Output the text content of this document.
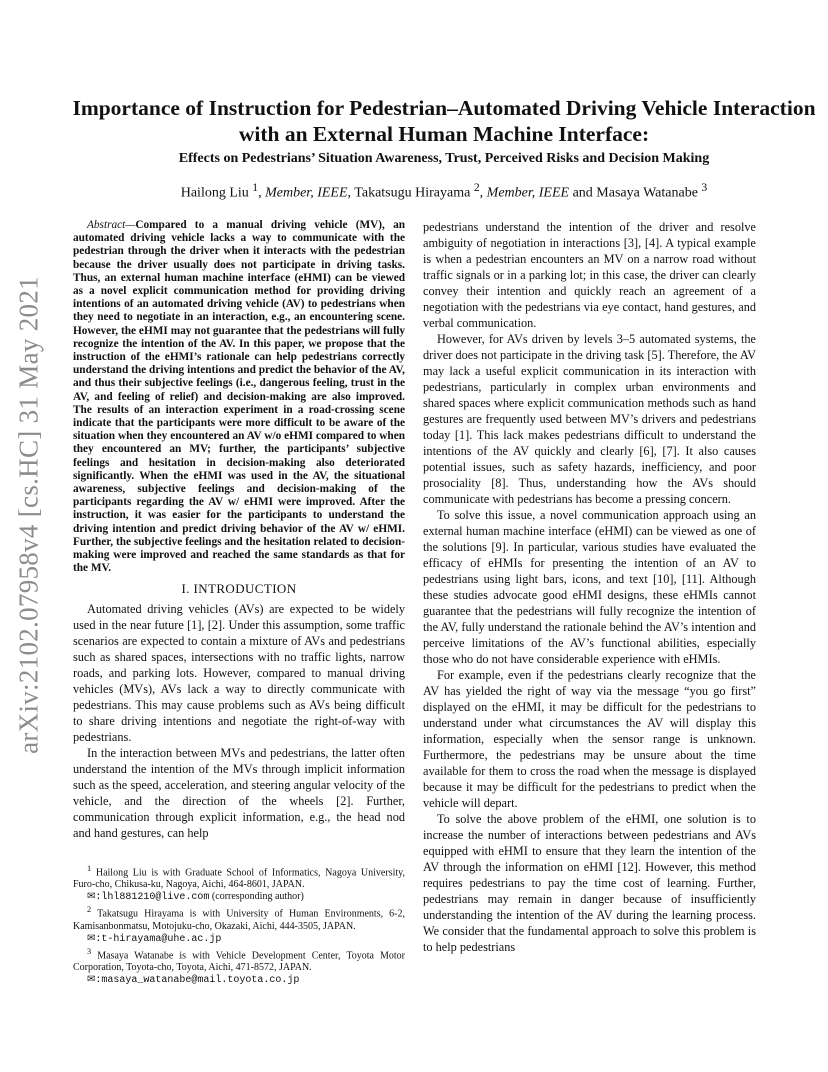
arXiv:2102.07958v4 [cs.HC] 31 May 2021
Importance of Instruction for Pedestrian–Automated Driving Vehicle Interaction with an External Human Machine Interface:
Effects on Pedestrians’ Situation Awareness, Trust, Perceived Risks and Decision Making
Hailong Liu $^1$, Member, IEEE, Takatsugu Hirayama $^2$, Member, IEEE and Masaya Watanabe $^3$

Abstract — Compared to a manual driving vehicle (MV), an automated driving vehicle lacks a way to communicate with the pedestrian through the driver when it interacts with the pedestrian because the driver usually does not participate in driving tasks. Thus, an external human machine interface (eHMI) can be viewed as a novel explicit communication method for providing driving intentions of an automated driving vehicle (AV) to pedestrians when they need to negotiate in an interaction, e.g., an encountering scene. However, the eHMI may not guarantee that the pedestrians will fully recognize the intention of the AV. In this paper, we propose that the instruction of the eHMI’s rationale can help pedestrians correctly understand the driving intentions and predict the behavior of the AV, and thus their subjective feelings (i.e., dangerous feeling, trust in the AV, and feeling of relief) and decision-making are also improved. The results of an interaction experiment in a road-crossing scene indicate that the participants were more difficult to be aware of the situation when they encountered an AV w/o eHMI compared to when they encountered an MV; further, the participants’ subjective feelings and hesitation in decision-making also deteriorated significantly. When the eHMI was used in the AV, the situational awareness, subjective feelings and decision-making of the participants regarding the AV w/ eHMI were improved. After the instruction, it was easier for the participants to understand the driving intention and predict driving behavior of the AV w/ eHMI. Further, the subjective feelings and the hesitation related to decision-making were improved and reached the same standards as that for the MV.

I. INTRODUCTION

Automated driving vehicles (AVs) are expected to be widely used in the near future [1], [2]. Under this assumption, some traffic scenarios are expected to contain a mixture of AVs and pedestrians such as shared spaces, intersections with no traffic lights, narrow roads, and parking lots. However, compared to manual driving vehicles (MVs), AVs lack a way to directly communicate with pedestrians. This may cause problems such as AVs being difficult to share driving intentions and negotiate the right-of-way with pedestrians.

In the interaction between MVs and pedestrians, the latter often understand the intention of the MVs through implicit information such as the speed, acceleration, and steering angular velocity of the vehicle, and the direction of the wheels [2]. Further, communication through explicit information, e.g., the head nod and hand gestures, can help

$^1$ Hailong Liu is with Graduate School of Informatics, Nagoya University, Furo-cho, Chikusa-ku, Nagoya, Aichi, 464-8601, JAPAN.
✉:lhl881210@live.com (corresponding author)

$^2$ Takatsugu Hirayama is with University of Human Environments, 6-2, Kamisanbonmatsu, Motojuku-cho, Okazaki, Aichi, 444-3505, JAPAN.
✉:t-hirayama@uhe.ac.jp

$^3$ Masaya Watanabe is with Vehicle Development Center, Toyota Motor Corporation, Toyota-cho, Toyota, Aichi, 471-8572, JAPAN.
✉:masaya_watanabe@mail.toyota.co.jp

pedestrians understand the intention of the driver and resolve ambiguity of negotiation in interactions [3], [4]. A typical example is when a pedestrian encounters an MV on a narrow road without traffic signals or in a parking lot; in this case, the driver can clearly convey their intention and quickly reach an agreement of a negotiation with the pedestrians via eye contact, hand gestures, and verbal communication.

However, for AVs driven by levels 3–5 automated systems, the driver does not participate in the driving task [5]. Therefore, the AV may lack a useful explicit communication in its interaction with pedestrians, particularly in complex urban environments and shared spaces where explicit communication methods such as hand gestures are frequently used between MV’s drivers and pedestrians today [1]. This lack makes pedestrians difficult to understand the intentions of the AV quickly and clearly [6], [7]. It also causes potential issues, such as safety hazards, inefficiency, and poor prosociality [8]. Thus, understanding how the AVs should communicate with pedestrians has become a pressing concern.

To solve this issue, a novel communication approach using an external human machine interface (eHMI) can be viewed as one of the solutions [9]. In particular, various studies have evaluated the efficacy of eHMIs for presenting the intention of an AV to pedestrians using light bars, icons, and text [10], [11]. Although these studies advocate good eHMI designs, these eHMIs cannot guarantee that the pedestrians will fully recognize the intention of the AV, fully understand the rationale behind the AV’s intention and perceive limitations of the AV’s functional abilities, especially those who do not have considerable experience with eHMIs.

For example, even if the pedestrians clearly recognize that the AV has yielded the right of way via the message “you go first” displayed on the eHMI, it may be difficult for the pedestrians to understand under what circumstances the AV will display this information, especially when the sensor range is unknown. Furthermore, the pedestrians may be unsure about the time available for them to cross the road when the message is displayed because it may be difficult for the pedestrians to predict when the vehicle will depart.

To solve the above problem of the eHMI, one solution is to increase the number of interactions between pedestrians and AVs equipped with eHMI to ensure that they learn the intention of the AV through the information on eHMI [12]. However, this method requires pedestrians to pay the time cost of learning. Further, pedestrians may remain in danger because of insufficiently understanding the intention of the AV during the learning process. We consider that the fundamental approach to solve this problem is to help pedestrians
